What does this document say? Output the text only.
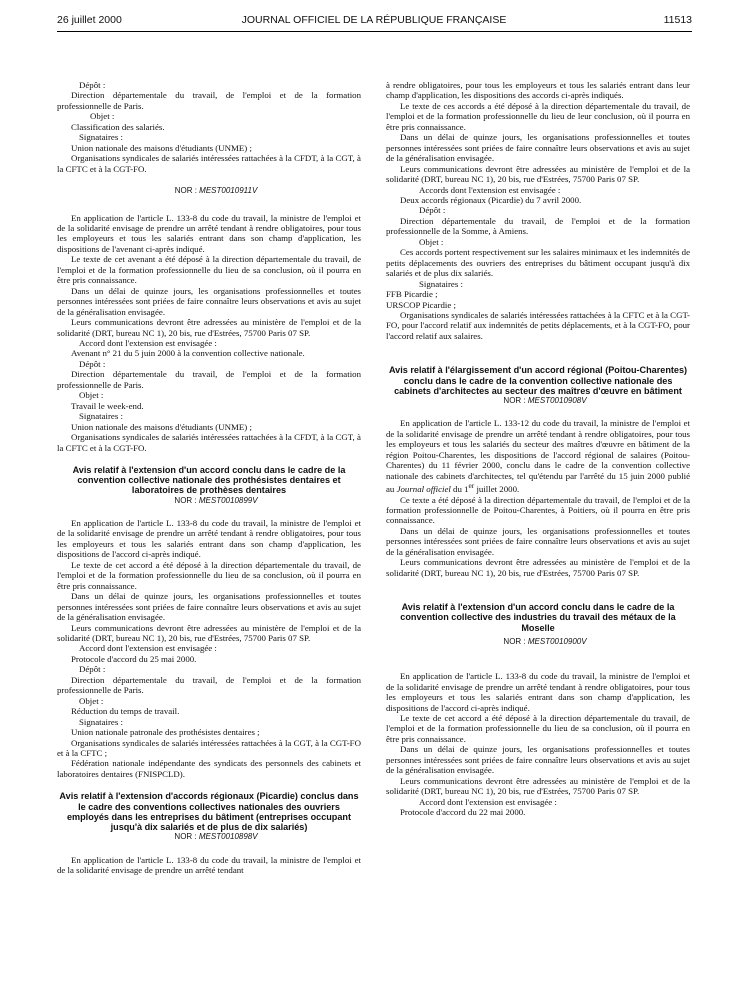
26 juillet 2000	JOURNAL OFFICIEL DE LA RÉPUBLIQUE FRANÇAISE	11513

Dépôt :

Direction départementale du travail, de l'emploi et de la formation professionnelle de Paris.

Objet :

Classification des salariés.

Signataires :

Union nationale des maisons d'étudiants (UNME) ;

Organisations syndicales de salariés intéressées rattachées à la CFDT, à la CGT, à la CFTC et à la CGT-FO.

NOR : MEST0010911V

En application de l'article L. 133-8 du code du travail, la ministre de l'emploi et de la solidarité envisage de prendre un arrêté tendant à rendre obligatoires, pour tous les employeurs et tous les salariés entrant dans son champ d'application, les dispositions de l'avenant ci-après indiqué.

Le texte de cet avenant a été déposé à la direction départementale du travail, de l'emploi et de la formation professionnelle du lieu de sa conclusion, où il pourra en être pris connaissance.

Dans un délai de quinze jours, les organisations professionnelles et toutes personnes intéressées sont priées de faire connaître leurs observations et avis au sujet de la généralisation envisagée.

Leurs communications devront être adressées au ministère de l'emploi et de la solidarité (DRT, bureau NC 1), 20 bis, rue d'Estrées, 75700 Paris 07 SP.

Accord dont l'extension est envisagée :

Avenant n° 21 du 5 juin 2000 à la convention collective nationale.

Dépôt :

Direction départementale du travail, de l'emploi et de la formation professionnelle de Paris.

Objet :

Travail le week-end.

Signataires :

Union nationale des maisons d'étudiants (UNME) ;

Organisations syndicales de salariés intéressées rattachées à la CFDT, à la CGT, à la CFTC et à la CGT-FO.

Avis relatif à l'extension d'un accord conclu dans le cadre de la convention collective nationale des prothésistes dentaires et laboratoires de prothèses dentaires

NOR : MEST0010899V

En application de l'article L. 133-8 du code du travail, la ministre de l'emploi et de la solidarité envisage de prendre un arrêté tendant à rendre obligatoires, pour tous les employeurs et tous les salariés entrant dans son champ d'application, les dispositions de l'accord ci-après indiqué.

Le texte de cet accord a été déposé à la direction départementale du travail, de l'emploi et de la formation professionnelle du lieu de sa conclusion, où il pourra en être pris connaissance.

Dans un délai de quinze jours, les organisations professionnelles et toutes personnes intéressées sont priées de faire connaître leurs observations et avis au sujet de la généralisation envisagée.

Leurs communications devront être adressées au ministère de l'emploi et de la solidarité (DRT, bureau NC 1), 20 bis, rue d'Estrées, 75700 Paris 07 SP.

Accord dont l'extension est envisagée :

Protocole d'accord du 25 mai 2000.

Dépôt :

Direction départementale du travail, de l'emploi et de la formation professionnelle de Paris.

Objet :

Réduction du temps de travail.

Signataires :

Union nationale patronale des prothésistes dentaires ;

Organisations syndicales de salariés intéressées rattachées à la CGT, à la CGT-FO et à la CFTC ;

Fédération nationale indépendante des syndicats des personnels des cabinets et laboratoires dentaires (FNISPCLD).

Avis relatif à l'extension d'accords régionaux (Picardie) conclus dans le cadre des conventions collectives nationales des ouvriers employés dans les entreprises du bâtiment (entreprises occupant jusqu'à dix salariés et de plus de dix salariés)

NOR : MEST0010898V

En application de l'article L. 133-8 du code du travail, la ministre de l'emploi et de la solidarité envisage de prendre un arrêté tendant

à rendre obligatoires, pour tous les employeurs et tous les salariés entrant dans leur champ d'application, les dispositions des accords ci-après indiqués.

Le texte de ces accords a été déposé à la direction départementale du travail, de l'emploi et de la formation professionnelle du lieu de leur conclusion, où il pourra en être pris connaissance.

Dans un délai de quinze jours, les organisations professionnelles et toutes personnes intéressées sont priées de faire connaître leurs observations et avis au sujet de la généralisation envisagée.

Leurs communications devront être adressées au ministère de l'emploi et de la solidarité (DRT, bureau NC 1), 20 bis, rue d'Estrées, 75700 Paris 07 SP.

Accords dont l'extension est envisagée :

Deux accords régionaux (Picardie) du 7 avril 2000.

Dépôt :

Direction départementale du travail, de l'emploi et de la formation professionnelle de la Somme, à Amiens.

Objet :

Ces accords portent respectivement sur les salaires minimaux et les indemnités de petits déplacements des ouvriers des entreprises du bâtiment occupant jusqu'à dix salariés et de plus dix salariés.

Signataires :

FFB Picardie ;

URSCOP Picardie ;

Organisations syndicales de salariés intéressées rattachées à la CFTC et à la CGT-FO, pour l'accord relatif aux indemnités de petits déplacements, et à la CGT-FO, pour l'accord relatif aux salaires.

Avis relatif à l'élargissement d'un accord régional (Poitou-Charentes) conclu dans le cadre de la convention collective nationale des cabinets d'architectes au secteur des maîtres d'œuvre en bâtiment

NOR : MEST0010908V

En application de l'article L. 133-12 du code du travail, la ministre de l'emploi et de la solidarité envisage de prendre un arrêté tendant à rendre obligatoires, pour tous les employeurs et tous les salariés du secteur des maîtres d'œuvre en bâtiment de la région Poitou-Charentes, les dispositions de l'accord régional de salaires (Poitou-Charentes) du 11 février 2000, conclu dans le cadre de la convention collective nationale des cabinets d'architectes, tel qu'étendu par l'arrêté du 15 juin 2000 publié au Journal officiel du 1er juillet 2000.

Ce texte a été déposé à la direction départementale du travail, de l'emploi et de la formation professionnelle de Poitou-Charentes, à Poitiers, où il pourra en être pris connaissance.

Dans un délai de quinze jours, les organisations professionnelles et toutes personnes intéressées sont priées de faire connaître leurs observations et avis au sujet de la généralisation envisagée.

Leurs communications devront être adressées au ministère de l'emploi et de la solidarité (DRT, bureau NC 1), 20 bis, rue d'Estrées, 75700 Paris 07 SP.

Avis relatif à l'extension d'un accord conclu dans le cadre de la convention collective des industries du travail des métaux de la Moselle

NOR : MEST0010900V

En application de l'article L. 133-8 du code du travail, la ministre de l'emploi et de la solidarité envisage de prendre un arrêté tendant à rendre obligatoires, pour tous les employeurs et tous les salariés entrant dans son champ d'application, les dispositions de l'accord ci-après indiqué.

Le texte de cet accord a été déposé à la direction départementale du travail, de l'emploi et de la formation professionnelle du lieu de sa conclusion, où il pourra en être pris connaissance.

Dans un délai de quinze jours, les organisations professionnelles et toutes personnes intéressées sont priées de faire connaître leurs observations et avis au sujet de la généralisation envisagée.

Leurs communications devront être adressées au ministère de l'emploi et de la solidarité (DRT, bureau NC 1), 20 bis, rue d'Estrées, 75700 Paris 07 SP.

Accord dont l'extension est envisagée :

Protocole d'accord du 22 mai 2000.
